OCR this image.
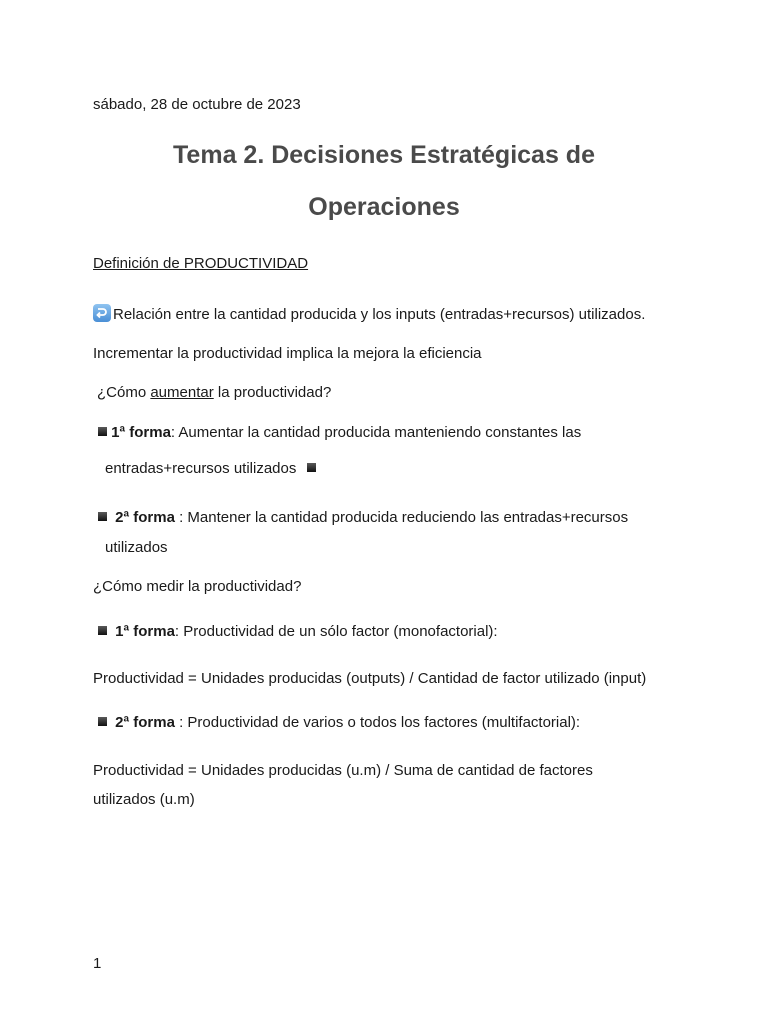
sábado, 28 de octubre de 2023
Tema 2. Decisiones Estratégicas de
Operaciones
Definición de PRODUCTIVIDAD
Relación entre la cantidad producida y los inputs (entradas+recursos) utilizados.
Incrementar la productividad implica la mejora la eficiencia
¿Cómo aumentar la productividad?
1ª forma: Aumentar la cantidad producida manteniendo constantes las
entradas+recursos utilizados
2ª forma : Mantener la cantidad producida reduciendo las entradas+recursos
utilizados
¿Cómo medir la productividad?
1ª forma: Productividad de un sólo factor (monofactorial):
Productividad = Unidades producidas (outputs) / Cantidad de factor utilizado (input)
2ª forma : Productividad de varios o todos los factores (multifactorial):
Productividad = Unidades producidas (u.m) / Suma de cantidad de factores
utilizados (u.m)
1
